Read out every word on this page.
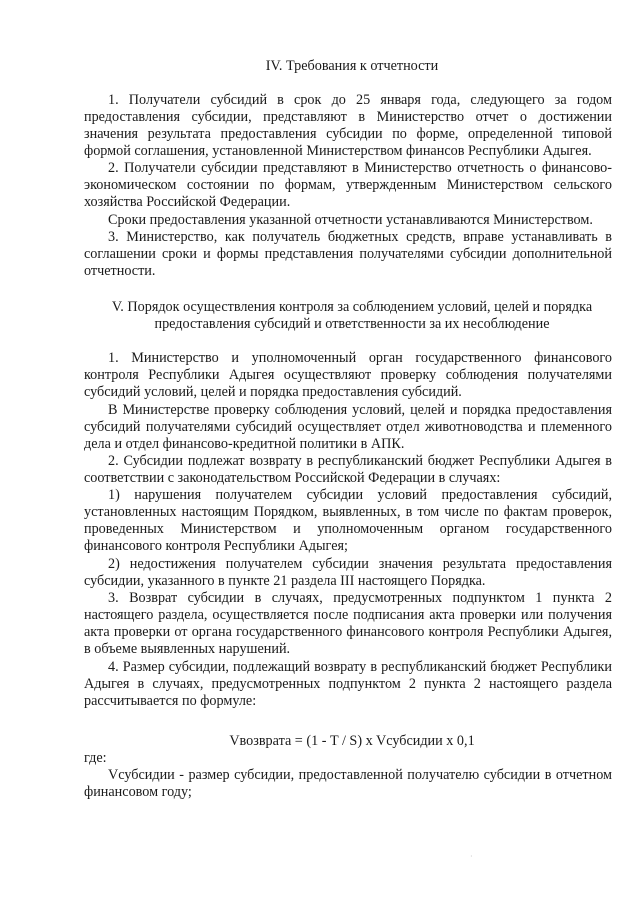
IV. Требования к отчетности
1. Получатели субсидий в срок до 25 января года, следующего за годом предоставления субсидии, представляют в Министерство отчет о достижении значения результата предоставления субсидии по форме, определенной типовой формой соглашения, установленной Министерством финансов Республики Адыгея.
2. Получатели субсидии представляют в Министерство отчетность о финансово-экономическом состоянии по формам, утвержденным Министерством сельского хозяйства Российской Федерации.
Сроки предоставления указанной отчетности устанавливаются Министерством.
3. Министерство, как получатель бюджетных средств, вправе устанавливать в соглашении сроки и формы представления получателями субсидии дополнительной отчетности.
V. Порядок осуществления контроля за соблюдением условий, целей и порядка
предоставления субсидий и ответственности за их несоблюдение
1. Министерство и уполномоченный орган государственного финансового контроля Республики Адыгея осуществляют проверку соблюдения получателями субсидий условий, целей и порядка предоставления субсидий.
В Министерстве проверку соблюдения условий, целей и порядка предоставления субсидий получателями субсидий осуществляет отдел животноводства и племенного дела и отдел финансово-кредитной политики в АПК.
2. Субсидии подлежат возврату в республиканский бюджет Республики Адыгея в соответствии с законодательством Российской Федерации в случаях:
1) нарушения получателем субсидии условий предоставления субсидий, установленных настоящим Порядком, выявленных, в том числе по фактам проверок, проведенных Министерством и уполномоченным органом государственного финансового контроля Республики Адыгея;
2) недостижения получателем субсидии значения результата предоставления субсидии, указанного в пункте 21 раздела III настоящего Порядка.
3. Возврат субсидии в случаях, предусмотренных подпунктом 1 пункта 2 настоящего раздела, осуществляется после подписания акта проверки или получения акта проверки от органа государственного финансового контроля Республики Адыгея, в объеме выявленных нарушений.
4. Размер субсидии, подлежащий возврату в республиканский бюджет Республики Адыгея в случаях, предусмотренных подпунктом 2 пункта 2 настоящего раздела рассчитывается по формуле:
Vвозврата = (1 - T / S) x Vсубсидии x 0,1
где:
Vсубсидии - размер субсидии, предоставленной получателю субсидии в отчетном финансовом году;
·
